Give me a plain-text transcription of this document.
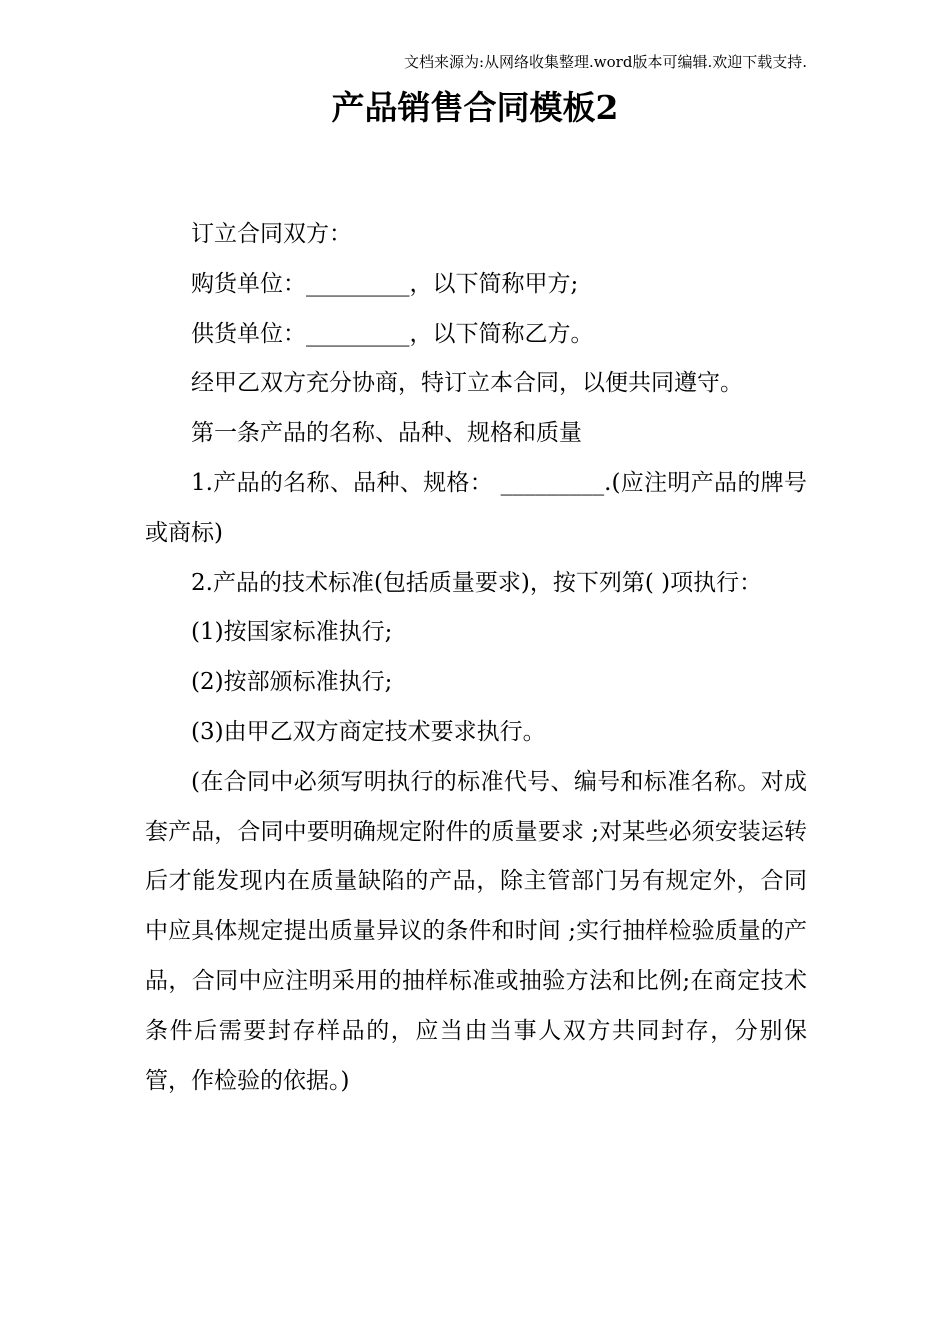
文档来源为:从网络收集整理.word版本可编辑.欢迎下载支持.
产品销售合同模板2

订立合同双方：

购货单位：_________，以下简称甲方;

供货单位：_________，以下简称乙方。

经甲乙双方充分协商，特订立本合同，以便共同遵守。

第一条产品的名称、品种、规格和质量

1.产品的名称、品种、规格： _________.(应注明产品的牌号或商标)

2.产品的技术标准(包括质量要求)，按下列第( )项执行：

(1)按国家标准执行;

(2)按部颁标准执行;

(3)由甲乙双方商定技术要求执行。

(在合同中必须写明执行的标准代号、编号和标准名称。对成套产品，合同中要明确规定附件的质量要求 ;对某些必须安装运转后才能发现内在质量缺陷的产品，除主管部门另有规定外，合同中应具体规定提出质量异议的条件和时间 ;实行抽样检验质量的产品，合同中应注明采用的抽样标准或抽验方法和比例;在商定技术条件后需要封存样品的，应当由当事人双方共同封存，分别保管，作检验的依据。)
